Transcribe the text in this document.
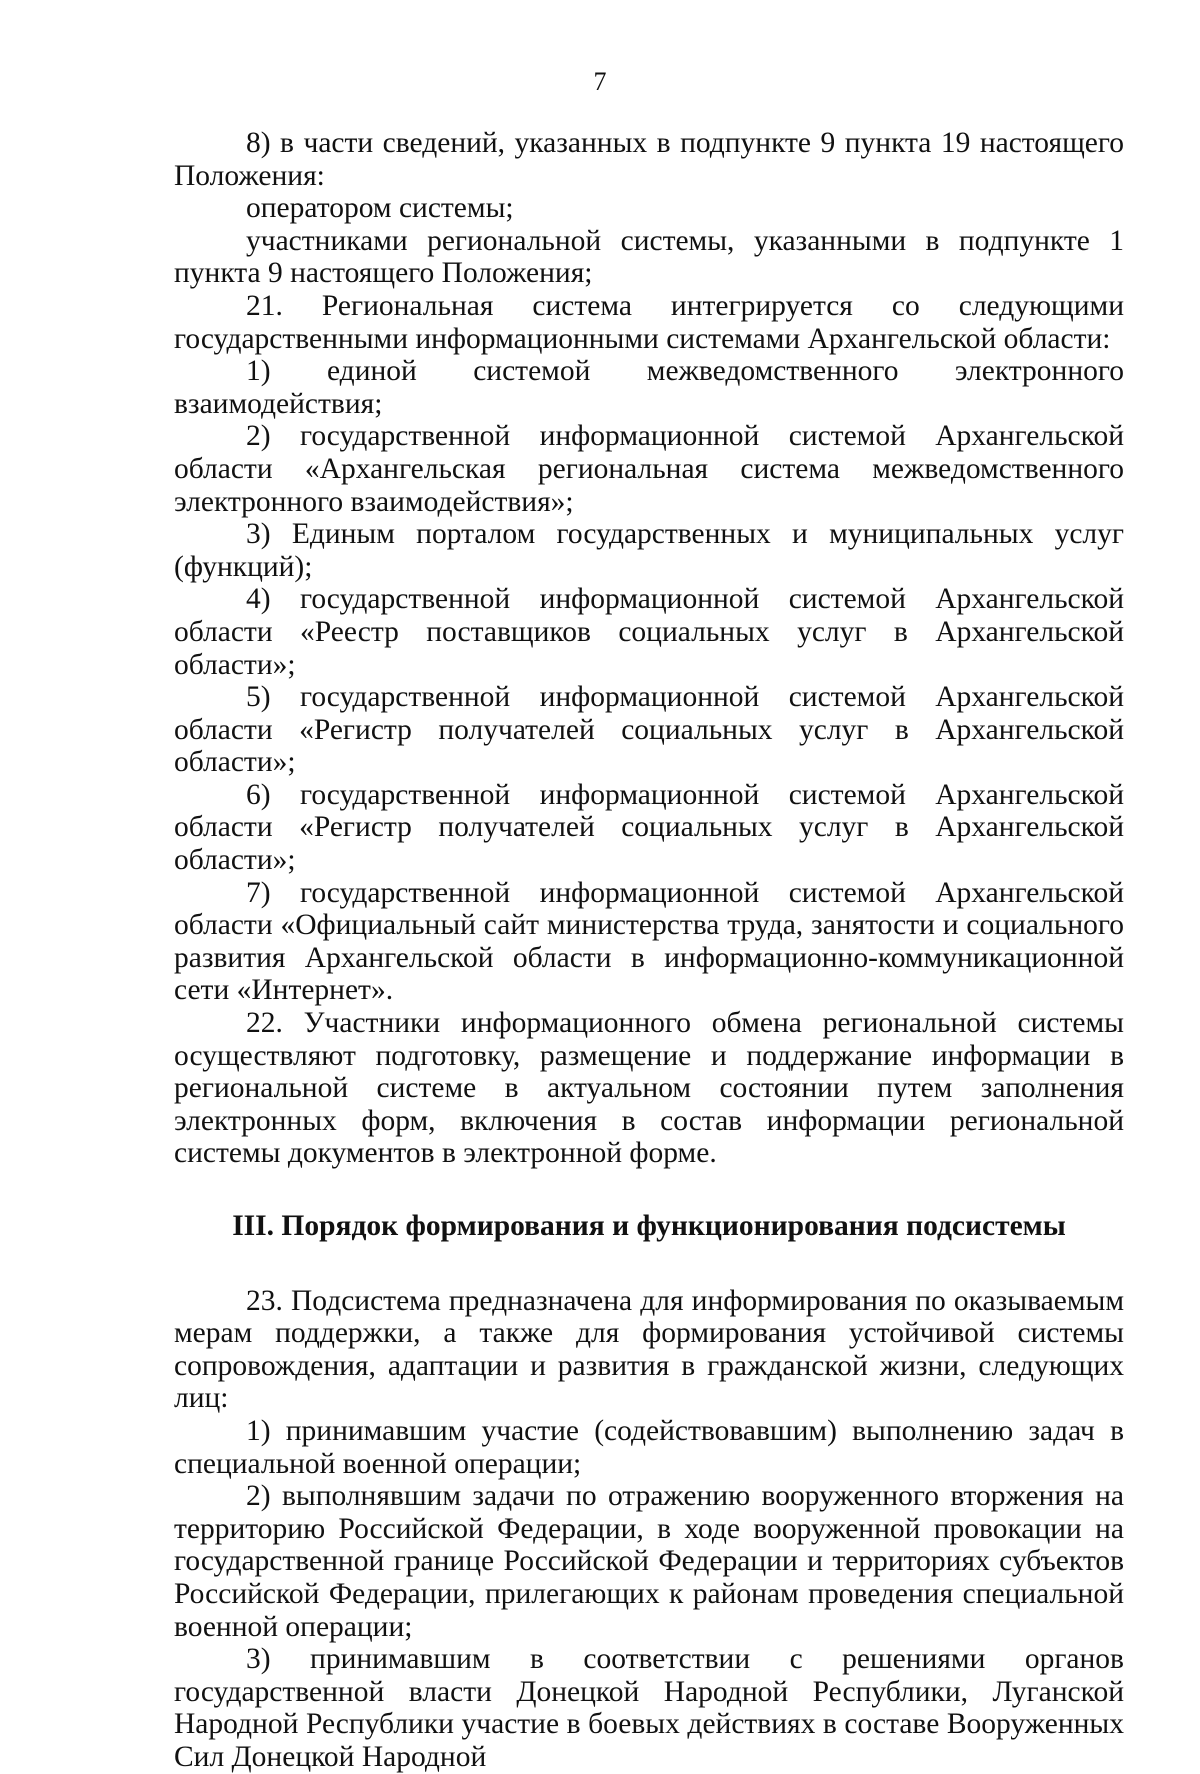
7

8) в части сведений, указанных в подпункте 9 пункта 19 настоящего Положения:

оператором системы;

участниками региональной системы, указанными в подпункте 1 пункта 9 настоящего Положения;

21. Региональная система интегрируется со следующими государственными информационными системами Архангельской области:

1) единой системой межведомственного электронного взаимодействия;

2) государственной информационной системой Архангельской области «Архангельская региональная система межведомственного электронного взаимодействия»;

3) Единым порталом государственных и муниципальных услуг (функций);

4) государственной информационной системой Архангельской области «Реестр поставщиков социальных услуг в Архангельской области»;

5) государственной информационной системой Архангельской области «Регистр получателей социальных услуг в Архангельской области»;

6) государственной информационной системой Архангельской области «Регистр получателей социальных услуг в Архангельской области»;

7) государственной информационной системой Архангельской области «Официальный сайт министерства труда, занятости и социального развития Архангельской области в информационно-коммуникационной сети «Интернет».

22. Участники информационного обмена региональной системы осуществляют подготовку, размещение и поддержание информации в региональной системе в актуальном состоянии путем заполнения электронных форм, включения в состав информации региональной системы документов в электронной форме.

III. Порядок формирования и функционирования подсистемы

23. Подсистема предназначена для информирования по оказываемым мерам поддержки, а также для формирования устойчивой системы сопровождения, адаптации и развития в гражданской жизни, следующих лиц:

1) принимавшим участие (содействовавшим) выполнению задач в специальной военной операции;

2) выполнявшим задачи по отражению вооруженного вторжения на территорию Российской Федерации, в ходе вооруженной провокации на государственной границе Российской Федерации и территориях субъектов Российской Федерации, прилегающих к районам проведения специальной военной операции;

3) принимавшим в соответствии с решениями органов государственной власти Донецкой Народной Республики, Луганской Народной Республики участие в боевых действиях в составе Вооруженных Сил Донецкой Народной
